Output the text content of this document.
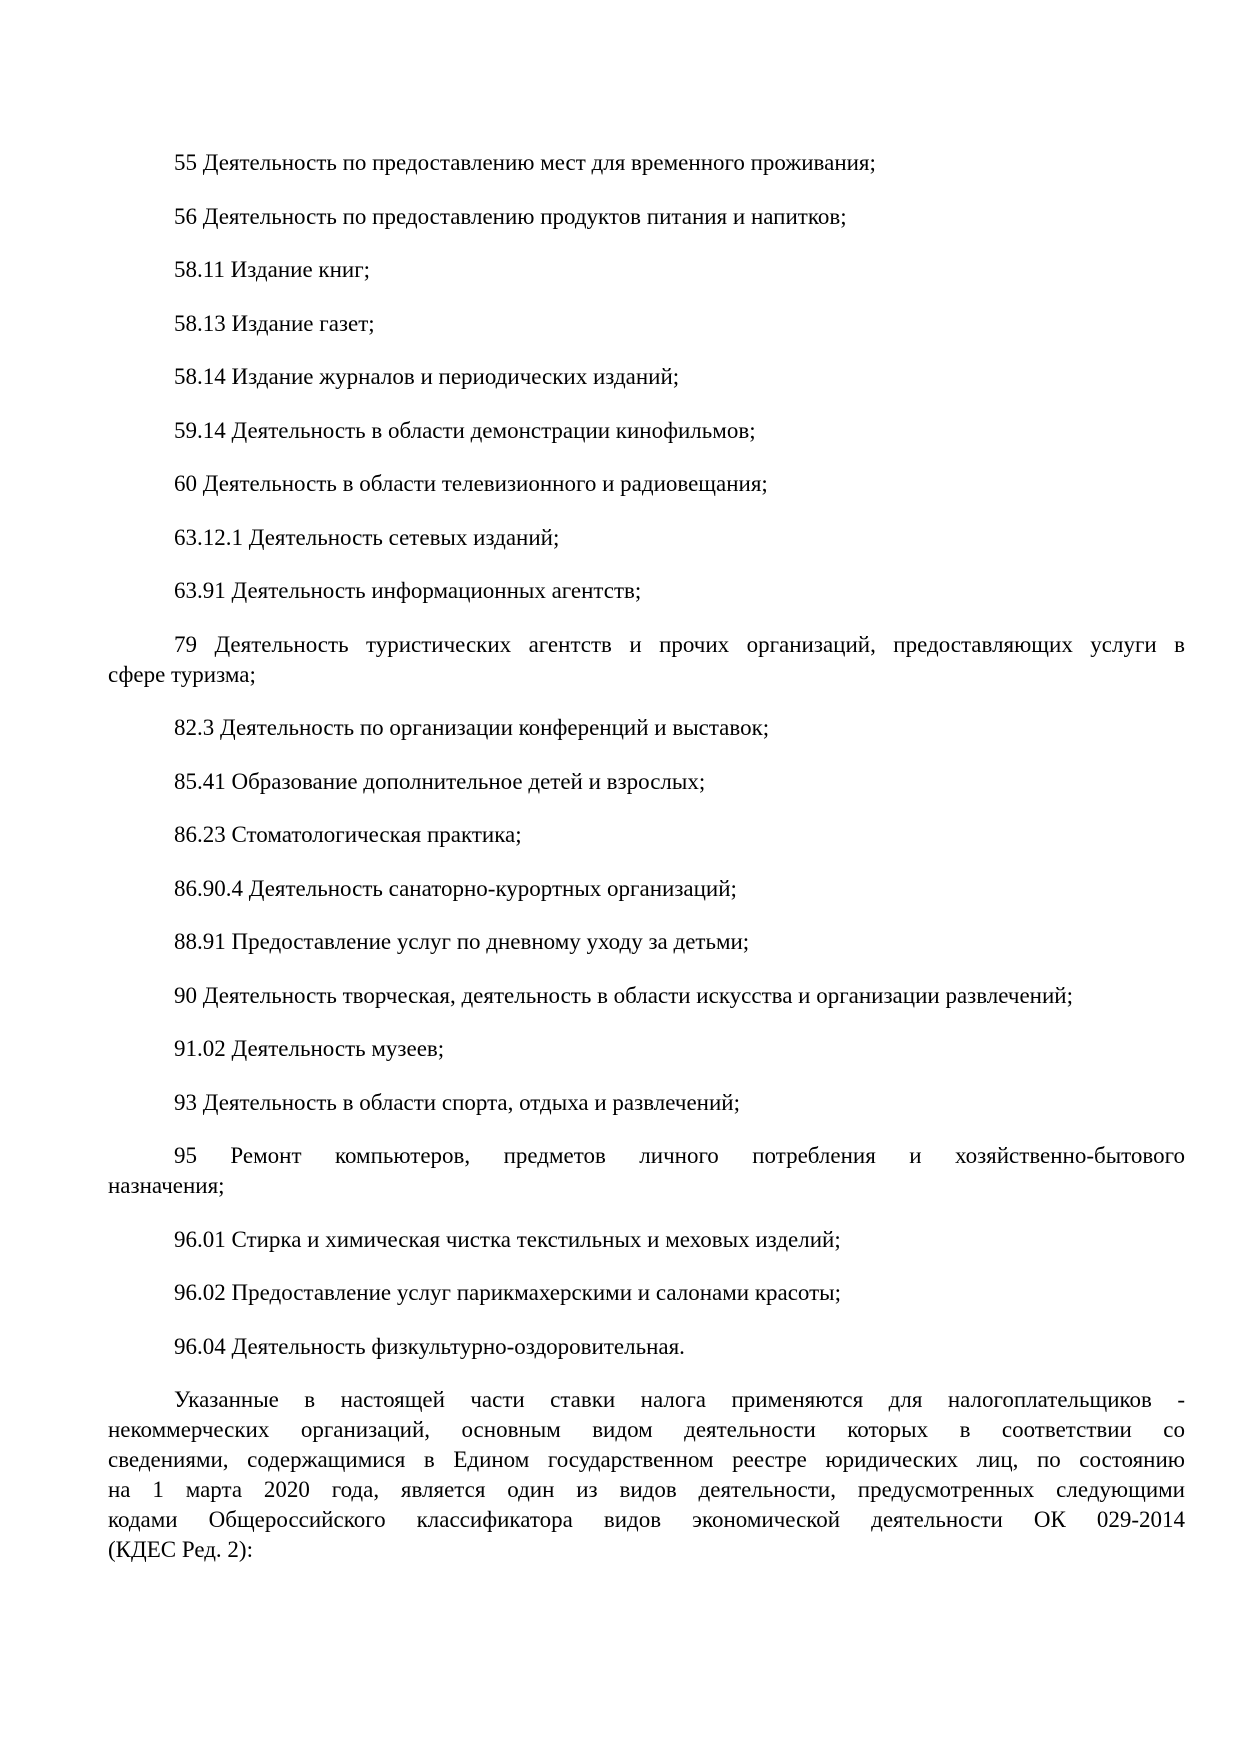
55 Деятельность по предоставлению мест для временного проживания;

56 Деятельность по предоставлению продуктов питания и напитков;

58.11 Издание книг;

58.13 Издание газет;

58.14 Издание журналов и периодических изданий;

59.14 Деятельность в области демонстрации кинофильмов;

60 Деятельность в области телевизионного и радиовещания;

63.12.1 Деятельность сетевых изданий;

63.91 Деятельность информационных агентств;

79 Деятельность туристических агентств и прочих организаций, предоставляющих услуги в
сфере туризма;

82.3 Деятельность по организации конференций и выставок;

85.41 Образование дополнительное детей и взрослых;

86.23 Стоматологическая практика;

86.90.4 Деятельность санаторно-курортных организаций;

88.91 Предоставление услуг по дневному уходу за детьми;

90 Деятельность творческая, деятельность в области искусства и организации развлечений;

91.02 Деятельность музеев;

93 Деятельность в области спорта, отдыха и развлечений;

95 Ремонт компьютеров, предметов личного потребления и хозяйственно-бытового
назначения;

96.01 Стирка и химическая чистка текстильных и меховых изделий;

96.02 Предоставление услуг парикмахерскими и салонами красоты;

96.04 Деятельность физкультурно-оздоровительная.

Указанные в настоящей части ставки налога применяются для налогоплательщиков -
некоммерческих организаций, основным видом деятельности которых в соответствии со
сведениями, содержащимися в Едином государственном реестре юридических лиц, по состоянию
на 1 марта 2020 года, является один из видов деятельности, предусмотренных следующими
кодами Общероссийского классификатора видов экономической деятельности ОК 029-2014
(КДЕС Ред. 2):
